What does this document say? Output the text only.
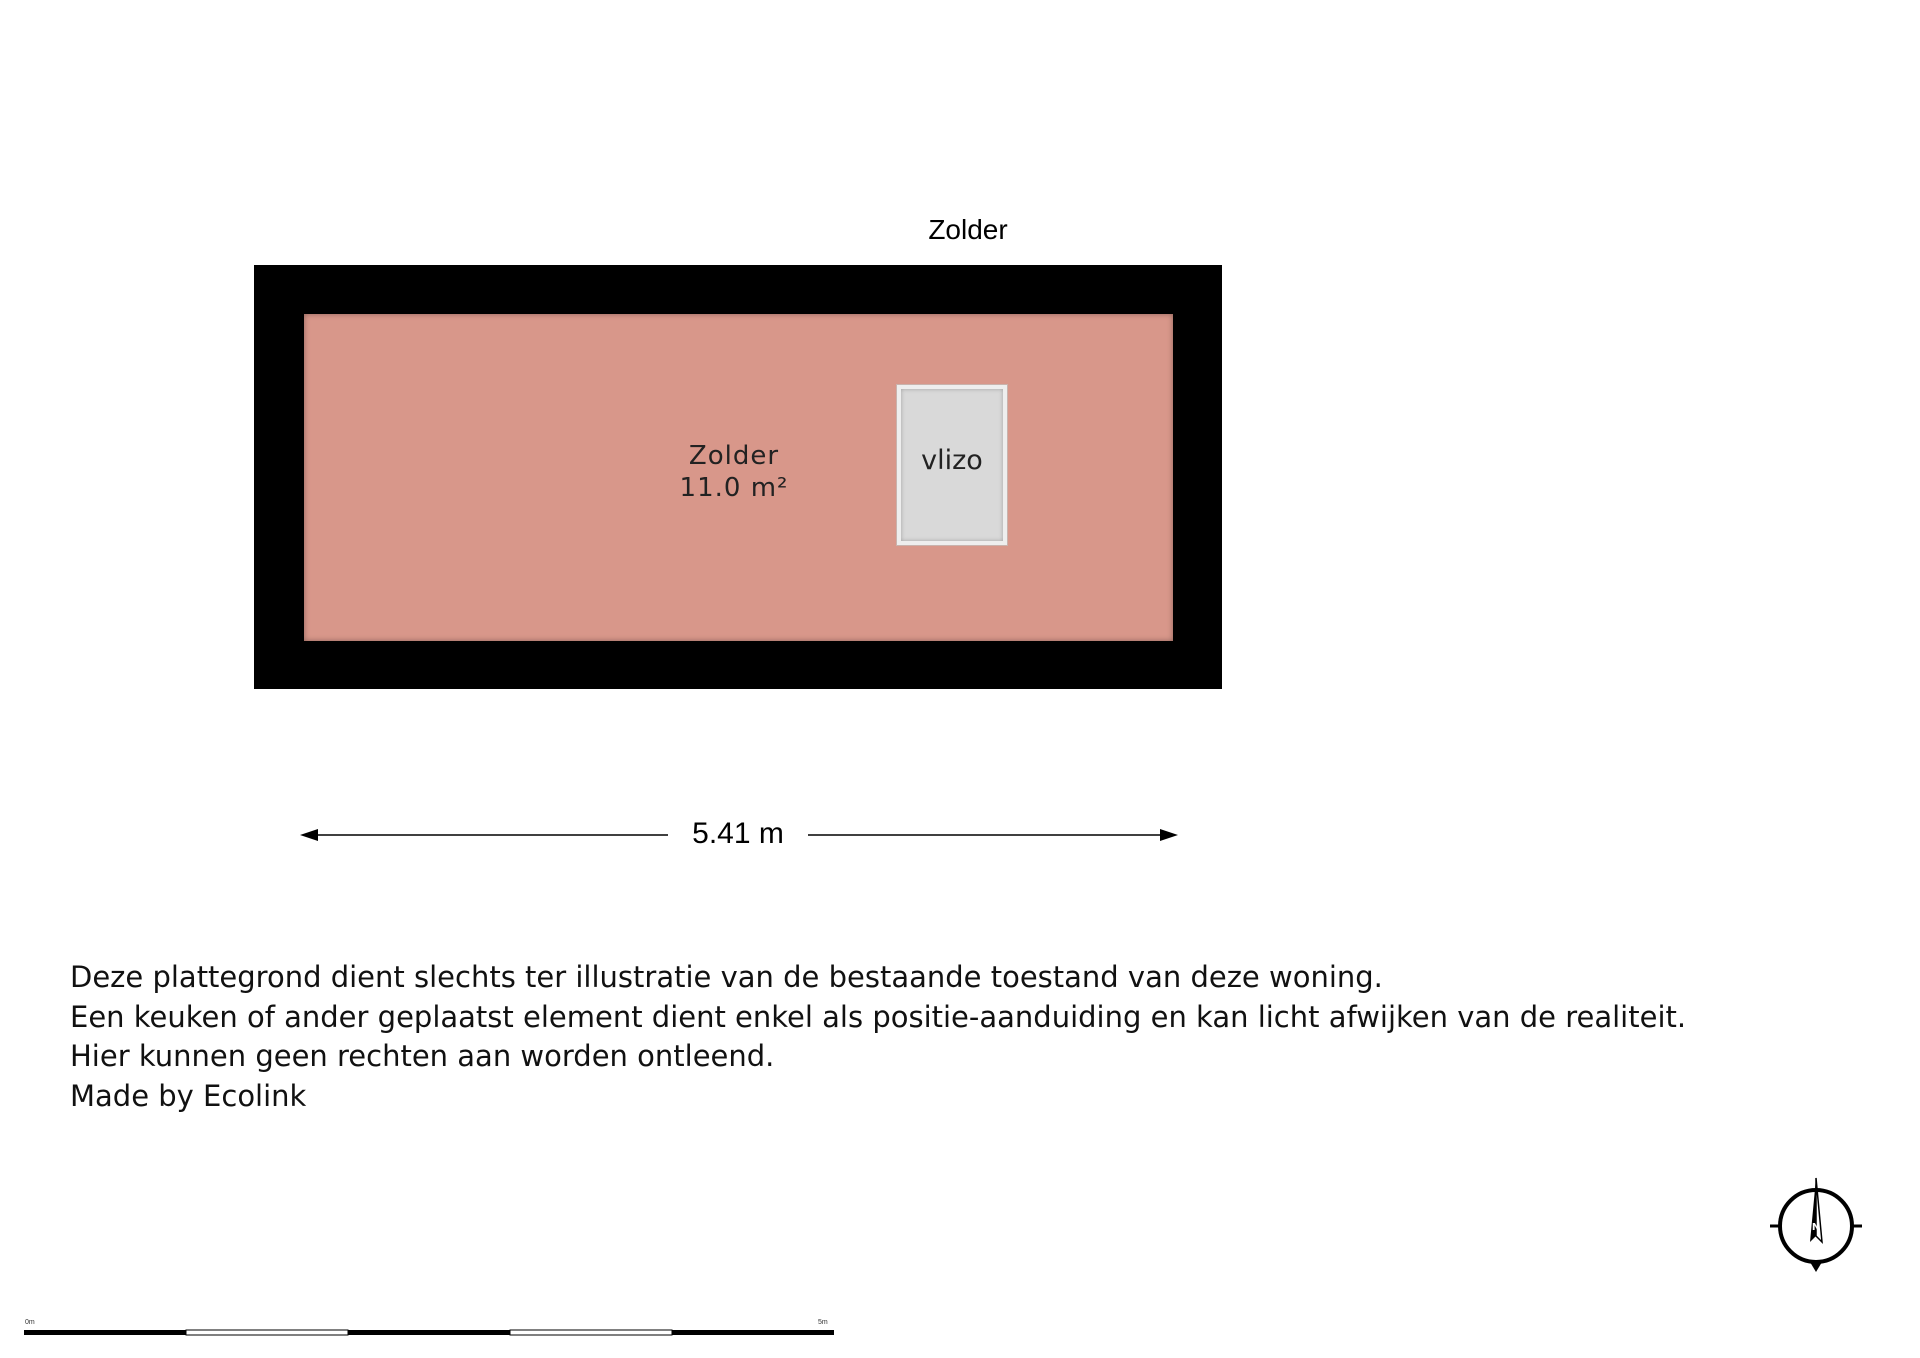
Zolder
Zolder
11.0 m²
vlizo
5.41 m
Deze plattegrond dient slechts ter illustratie van de bestaande toestand van deze woning.
Een keuken of ander geplaatst element dient enkel als positie-aanduiding en kan licht afwijken van de realiteit.
Hier kunnen geen rechten aan worden ontleend.
Made by Ecolink
N
0m	5m
